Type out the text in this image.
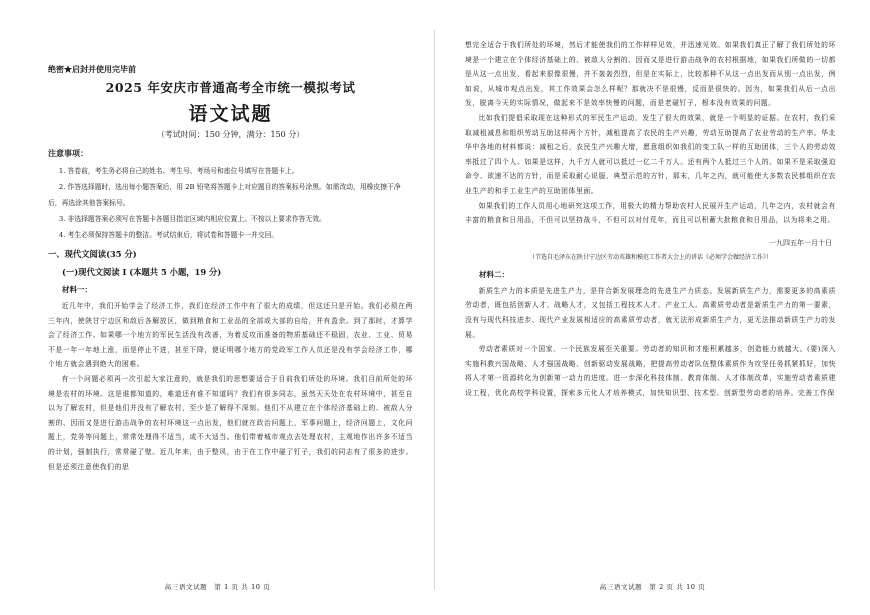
绝密★启封并使用完毕前

2025 年安庆市普通高考全市统一模拟考试
语文试题

（考试时间：150 分钟，满分：150 分）

注意事项：

1. 答卷前，考生务必将自己的姓名、考生号、考场号和座位号填写在答题卡上。

2. 作答选择题时，选出每小题答案后，用 2B 铅笔将答题卡上对应题目的答案标号涂黑。如需改动，用橡皮擦干净后，再选涂其他答案标号。

3. 非选择题答案必须写在答题卡各题目指定区域内相应位置上。不按以上要求作答无效。

4. 考生必须保持答题卡的整洁。考试结束后，将试卷和答题卡一并交回。

一、现代文阅读(35 分)

(一)现代文阅读 I (本题共 5 小题，19 分)

材料一：

近几年中，我们开始学会了经济工作，我们在经济工作中有了很大的成绩，但这还只是开始。我们必须在两三年内，使陕甘宁边区和敌后各解放区，做到粮食和工业品的全部或大部的自给，并有盈余。到了那时，才算学会了经济工作。如果哪一个地方的军民生活没有改善，为着反攻而准备的物质基础还不稳固，农业、工业、贸易不是一年一年地上涨，而是停止不进，甚至下降，便证明哪个地方的党政军工作人员还是没有学会经济工作，哪个地方就会遇到绝大的困难。

有一个问题必须再一次引起大家注意的，就是我们的思想要适合于目前我们所处的环境。我们目前所处的环境是农村的环境。这是谁都知道的，难道还有谁不知道吗？我们有很多同志，虽然天天处在农村环境中，甚至自以为了解农村，但是他们并没有了解农村，至少是了解得不深刻。他们不从建立在个体经济基础上的、被敌人分割的、因而又是进行游击战争的农村环境这一点出发，他们就在政治问题上，军事问题上，经济问题上，文化问题上，党务等问题上，常常处理得不适当，或不大适当。他们带着城市观点去处理农村，主观地作出许多不适当的计划，强制执行，常常碰了壁。近几年来，由于整风，由于在工作中碰了钉子，我们的同志有了很多的进步。但是还须注意使我们的思

高三语文试题　第 1 页 共 10 页

想完全适合于我们所处的环境，然后才能使我们的工作样样见效，并迅速见效。如果我们真正了解了我们所处的环境是一个建立在个体经济基础上的、被敌人分割的、因而又是进行游击战争的农村根据地，如果我们所做的一切都是从这一点出发，看起来很像很慢，并不轰轰烈烈，但是在实际上，比较那种不从这一点出发而从别一点出发，例如说，从城市观点出发，其工作效果会怎么样呢？那就决不是很慢，反而是很快的。因为，如果我们从后一点出发，脱离今天的实际情况，做起来不是效率快慢的问题，而是老碰钉子，根本没有效果的问题。

比如我们提倡采取现在这种形式的军民生产运动，发生了很大的效果，就是一个明显的证据。在农村，我们采取减租减息和组织劳动互助这样两个方针，减租提高了农民的生产兴趣，劳动互助提高了农业劳动的生产率。华北华中各地的材料都说：减租之后，农民生产兴趣大增，愿意组织如我们的变工队一样的互助团体，三个人的劳动效率抵过了四个人。如果是这样，九千万人就可以抵过一亿二千万人。还有两个人抵过三个人的。如果不是采取强迫命令、欲速不达的方针，而是采取耐心说服、典型示范的方针，那末，几年之内，就可能使大多数农民都组织在农业生产的和手工业生产的互助团体里面。

如果我们的工作人员用心地研究这项工作，用极大的精力帮助农村人民展开生产运动，几年之内，农村就会有丰富的粮食和日用品，不但可以坚持战斗，不但可以对付荒年，而且可以积蓄大批粮食和日用品，以为将来之用。

一九四五年一月十日

（节选自毛泽东在陕甘宁边区劳动英雄和模范工作者大会上的讲话《必须学会做经济工作》）

材料二：

新质生产力的本质是先进生产力，是符合新发展理念的先进生产力质态。发展新质生产力，需要更多的高素质劳动者，既包括创新人才、战略人才，又包括工程技术人才、产业工人。高素质劳动者是新质生产力的第一要素，没有与现代科技进步、现代产业发展相适应的高素质劳动者，就无法形成新质生产力，更无法推动新质生产力的发展。

劳动者素质对一个国家、一个民族发展至关重要。劳动者的知识和才能积累越多，创造能力就越大。(要)深入实施科教兴国战略、人才强国战略、创新驱动发展战略，把提高劳动者队伍整体素质作为攻坚任务抓紧抓好，加快将人才第一资源转化为创新第一动力的进度。进一步深化科技体制、教育体制、人才体制改革，实施劳动者素质建设工程，优化高校学科设置，探索多元化人才培养模式，加快知识型、技术型、创新型劳动者的培养。完善工作保

高三语文试题　第 2 页 共 10 页
